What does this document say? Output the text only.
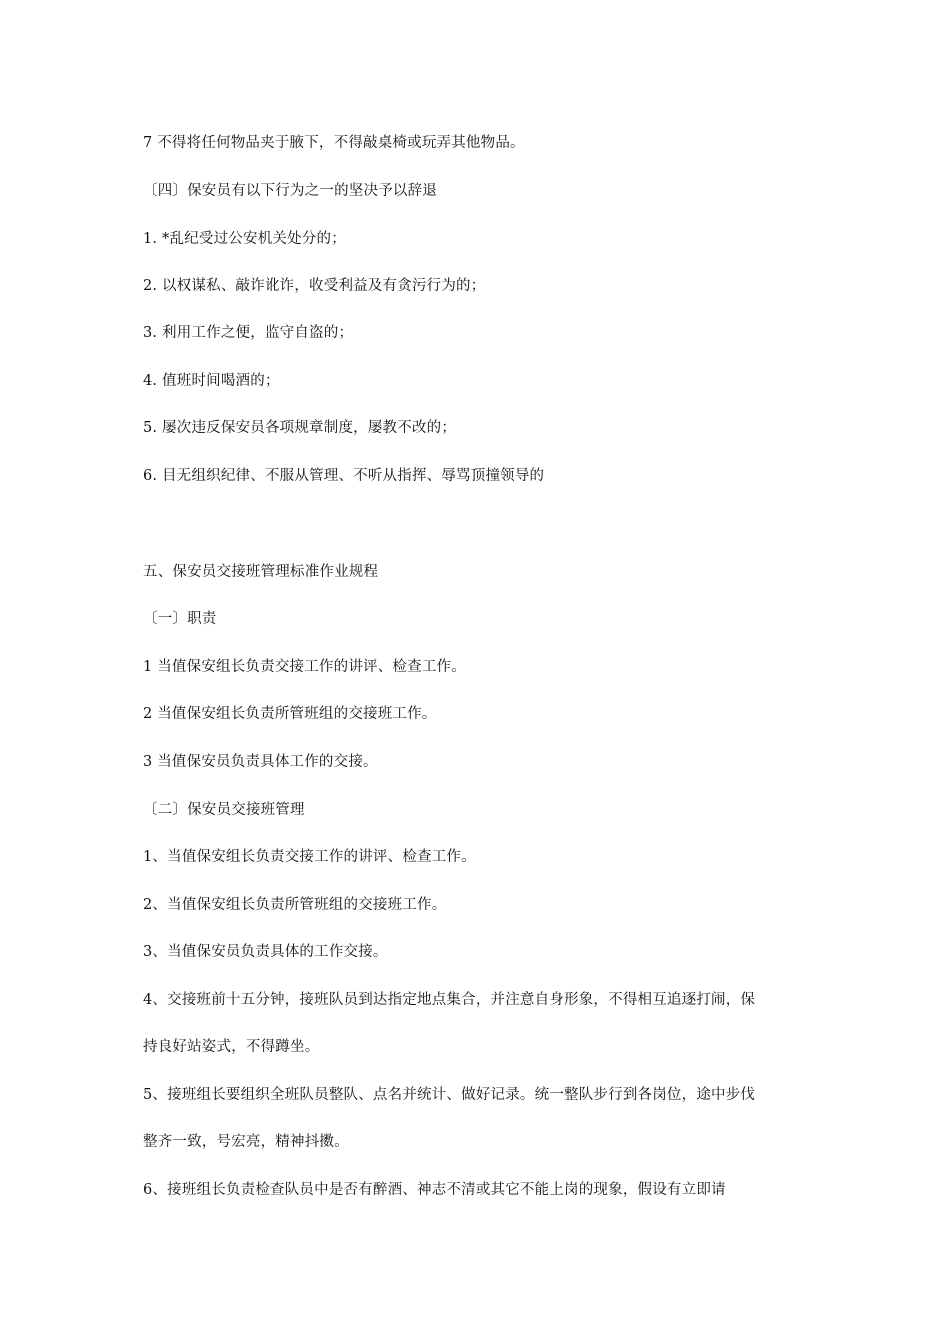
7 不得将任何物品夹于腋下，不得敲桌椅或玩弄其他物品。
〔四〕保安员有以下行为之一的坚决予以辞退
1. *乱纪受过公安机关处分的；
2. 以权谋私、敲诈讹诈，收受利益及有贪污行为的；
3. 利用工作之便，监守自盗的；
4. 值班时间喝酒的；
5. 屡次违反保安员各项规章制度，屡教不改的；
6. 目无组织纪律、不服从管理、不听从指挥、辱骂顶撞领导的
五、保安员交接班管理标准作业规程
〔一〕职责
1 当值保安组长负责交接工作的讲评、检查工作。
2 当值保安组长负责所管班组的交接班工作。
3 当值保安员负责具体工作的交接。
〔二〕保安员交接班管理
1、当值保安组长负责交接工作的讲评、检查工作。
2、当值保安组长负责所管班组的交接班工作。
3、当值保安员负责具体的工作交接。
4、交接班前十五分钟，接班队员到达指定地点集合，并注意自身形象，不得相互追逐打闹，保
持良好站姿式，不得蹲坐。
5、接班组长要组织全班队员整队、点名并统计、做好记录。统一整队步行到各岗位，途中步伐
整齐一致，号宏亮，精神抖擞。
6、接班组长负责检查队员中是否有醉酒、神志不清或其它不能上岗的现象，假设有立即请
